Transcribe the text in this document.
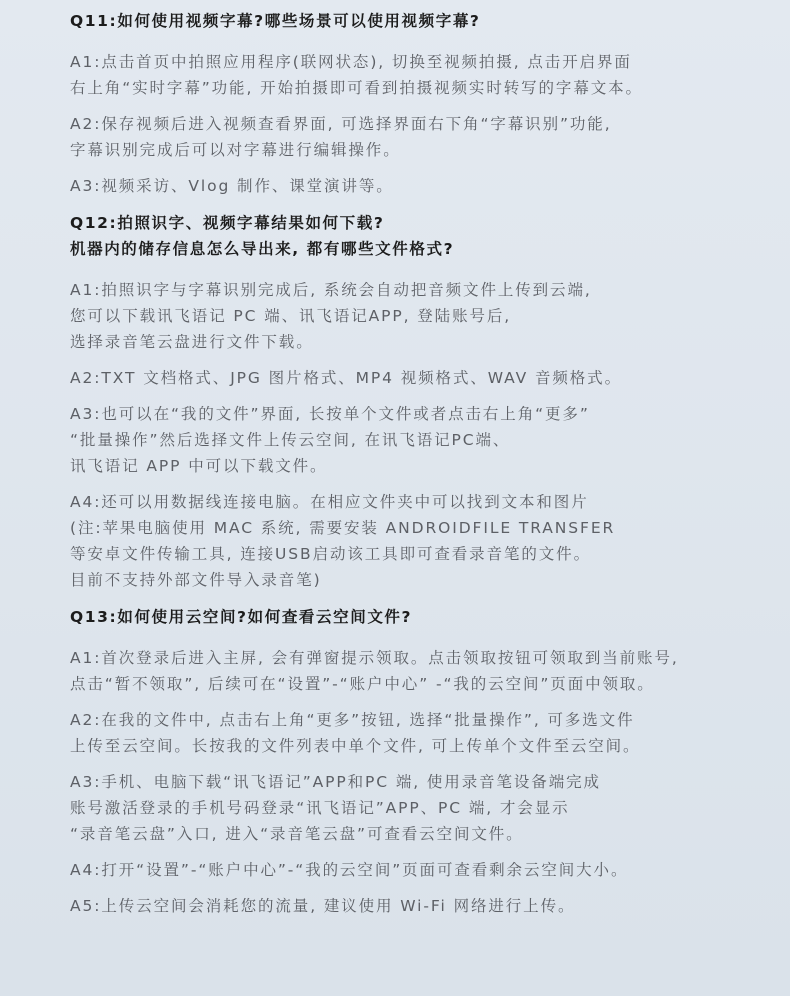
Q11:如何使用视频字幕?哪些场景可以使用视频字幕?
A1:点击首页中拍照应用程序(联网状态), 切换至视频拍摄, 点击开启界面
右上角“实时字幕”功能, 开始拍摄即可看到拍摄视频实时转写的字幕文本。
A2:保存视频后进入视频查看界面, 可选择界面右下角“字幕识别”功能,
字幕识别完成后可以对字幕进行编辑操作。
A3:视频采访、Vlog 制作、课堂演讲等。
Q12:拍照识字、视频字幕结果如何下载?
机器内的储存信息怎么导出来, 都有哪些文件格式?
A1:拍照识字与字幕识别完成后, 系统会自动把音频文件上传到云端,
您可以下载讯飞语记 PC 端、讯飞语记APP, 登陆账号后,
选择录音笔云盘进行文件下载。
A2:TXT 文档格式、JPG 图片格式、MP4 视频格式、WAV 音频格式。
A3:也可以在“我的文件”界面, 长按单个文件或者点击右上角“更多”
“批量操作”然后选择文件上传云空间, 在讯飞语记PC端、
讯飞语记 APP 中可以下载文件。
A4:还可以用数据线连接电脑。在相应文件夹中可以找到文本和图片
(注:苹果电脑使用 MAC 系统, 需要安装 ANDROIDFILE TRANSFER
等安卓文件传输工具, 连接USB启动该工具即可查看录音笔的文件。
目前不支持外部文件导入录音笔)
Q13:如何使用云空间?如何查看云空间文件?
A1:首次登录后进入主屏, 会有弹窗提示领取。点击领取按钮可领取到当前账号,
点击“暂不领取”, 后续可在“设置”-“账户中心” -“我的云空间”页面中领取。
A2:在我的文件中, 点击右上角“更多”按钮, 选择“批量操作”, 可多选文件
上传至云空间。长按我的文件列表中单个文件, 可上传单个文件至云空间。
A3:手机、电脑下载“讯飞语记”APP和PC 端, 使用录音笔设备端完成
账号激活登录的手机号码登录“讯飞语记”APP、PC 端, 才会显示
“录音笔云盘”入口, 进入“录音笔云盘”可查看云空间文件。
A4:打开“设置”-“账户中心”-“我的云空间”页面可查看剩余云空间大小。
A5:上传云空间会消耗您的流量, 建议使用 Wi-Fi 网络进行上传。
